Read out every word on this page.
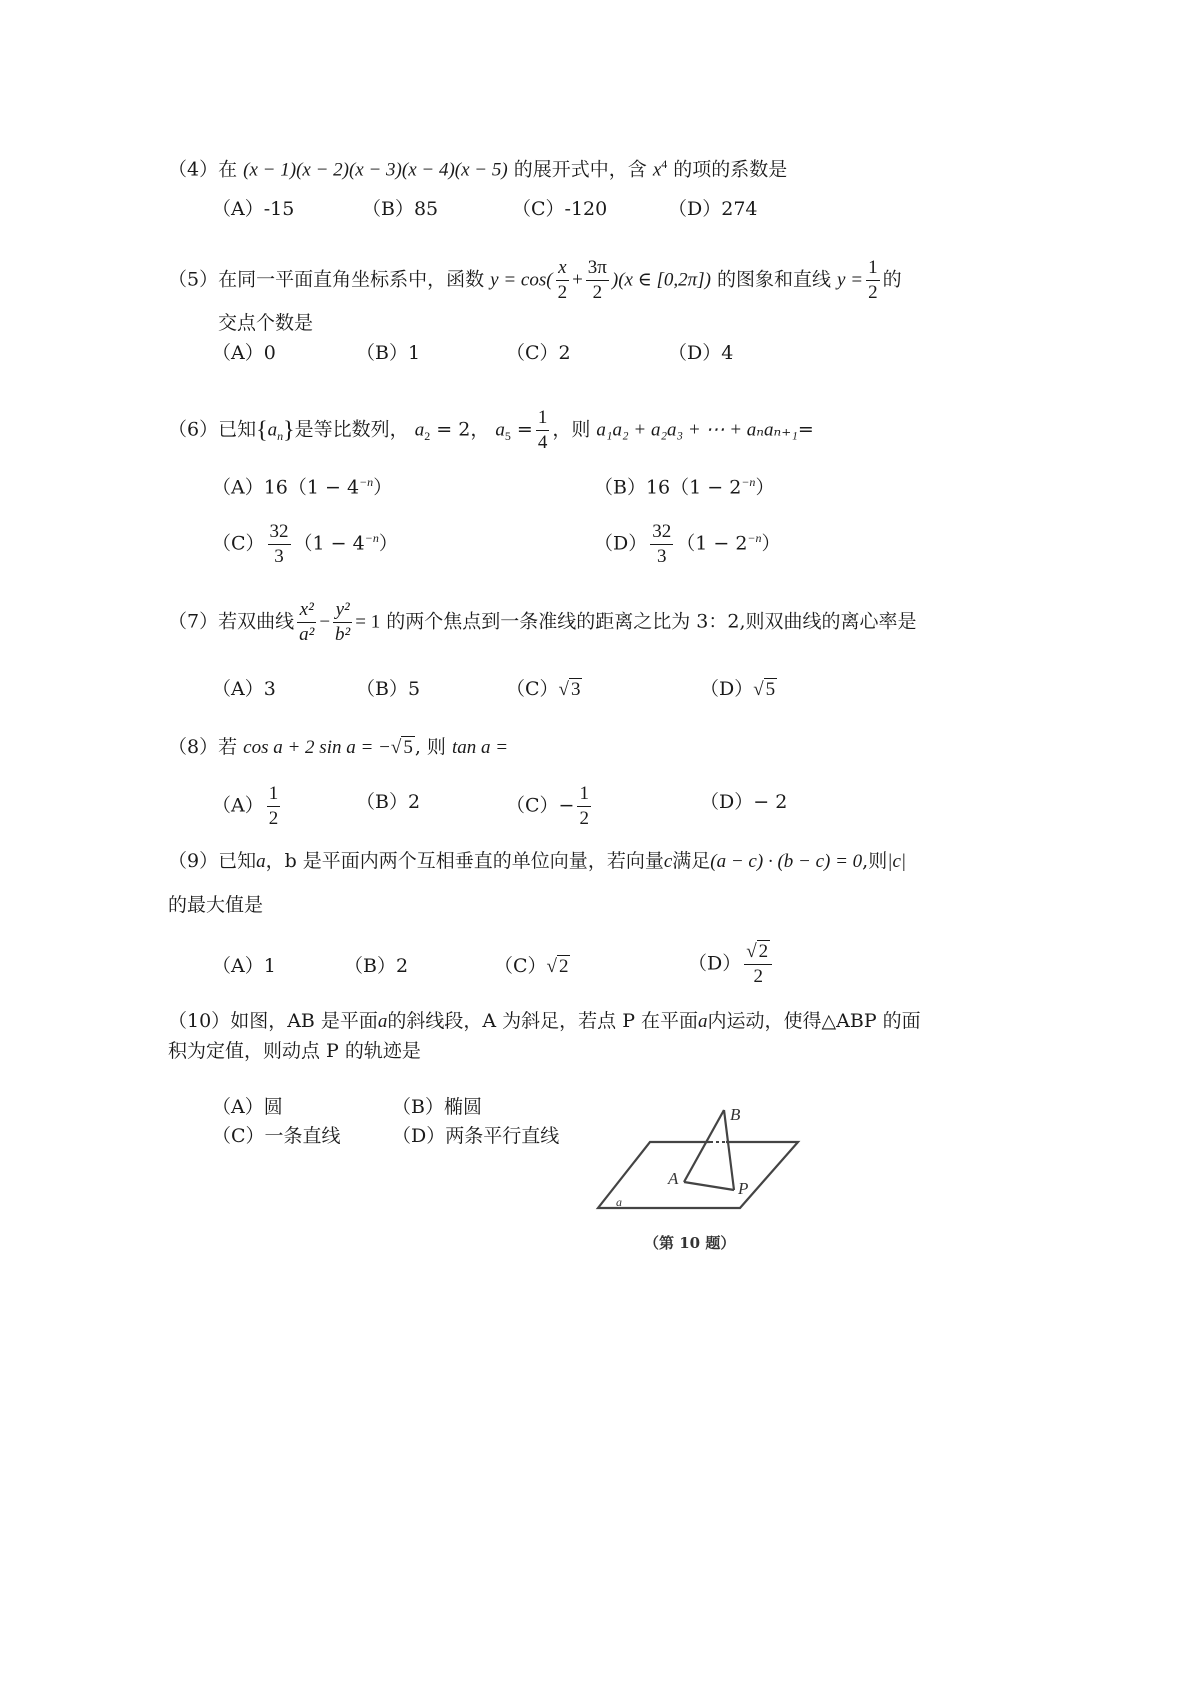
（4）在 (x − 1)(x − 2)(x − 3)(x − 4)(x − 5) 的展开式中，含 $x^4$ 的项的系数是
（A）-15	（B）85	（C）-120	（D）274
（5）在同一平面直角坐标系中，函数 $y = \cos( \frac{x}{2} + \frac{3\pi}{2} )(x$ ∈ [0,2π]) 的图象和直线 $y = \frac{1}{2}$ 的
交点个数是
（A）0	（B）1	（C）2	（D）4
（6）已知$\{a_n\}$是等比数列， $a_2 = 2$， $a_5 = \frac{1}{4}$ ，则 a₁a₂ + a₂a₃ + ⋯ + aₙaₙ₊₁=
$(A)16(1 - 4^{-n})$	$(B)16(1 - 2^{-n})$
$(C) \frac{32}{3} (1 - 4^{-n})$	$(D) \frac{32}{3} (1 - 2^{-n})$
（7）若双曲线 $\frac{\text{x²}}{\text{a²}} - \frac{\text{y²}}{\text{b²}} = 1$ 的两个焦点到一条准线的距离之比为 3：2,则双曲线的离心率是
（A）3	（B）5	（C）√ 3	（D）√ 5
（8）若 cos a + 2 sin a = −√ 5 , 则 tan a =
$(A) \frac{1}{2}$	（B）2	$(C)- \frac{1}{2}$	（D）− 2
（9）已知a，b 是平面内两个互相垂直的单位向量，若向量c满足(a − c) · (b − c) = 0,则|c|
的最大值是
（A）1	（B）2	（C）√ 2	$(D) \frac{√ 2}{2}$
（10）如图，AB 是平面a的斜线段，A 为斜足，若点 P 在平面a内运动，使得△ABP 的面
积为定值，则动点 P 的轨迹是
（A）圆	（B）椭圆
（C）一条直线	（D）两条平行直线
B
A
P
a
（第 10 题）
